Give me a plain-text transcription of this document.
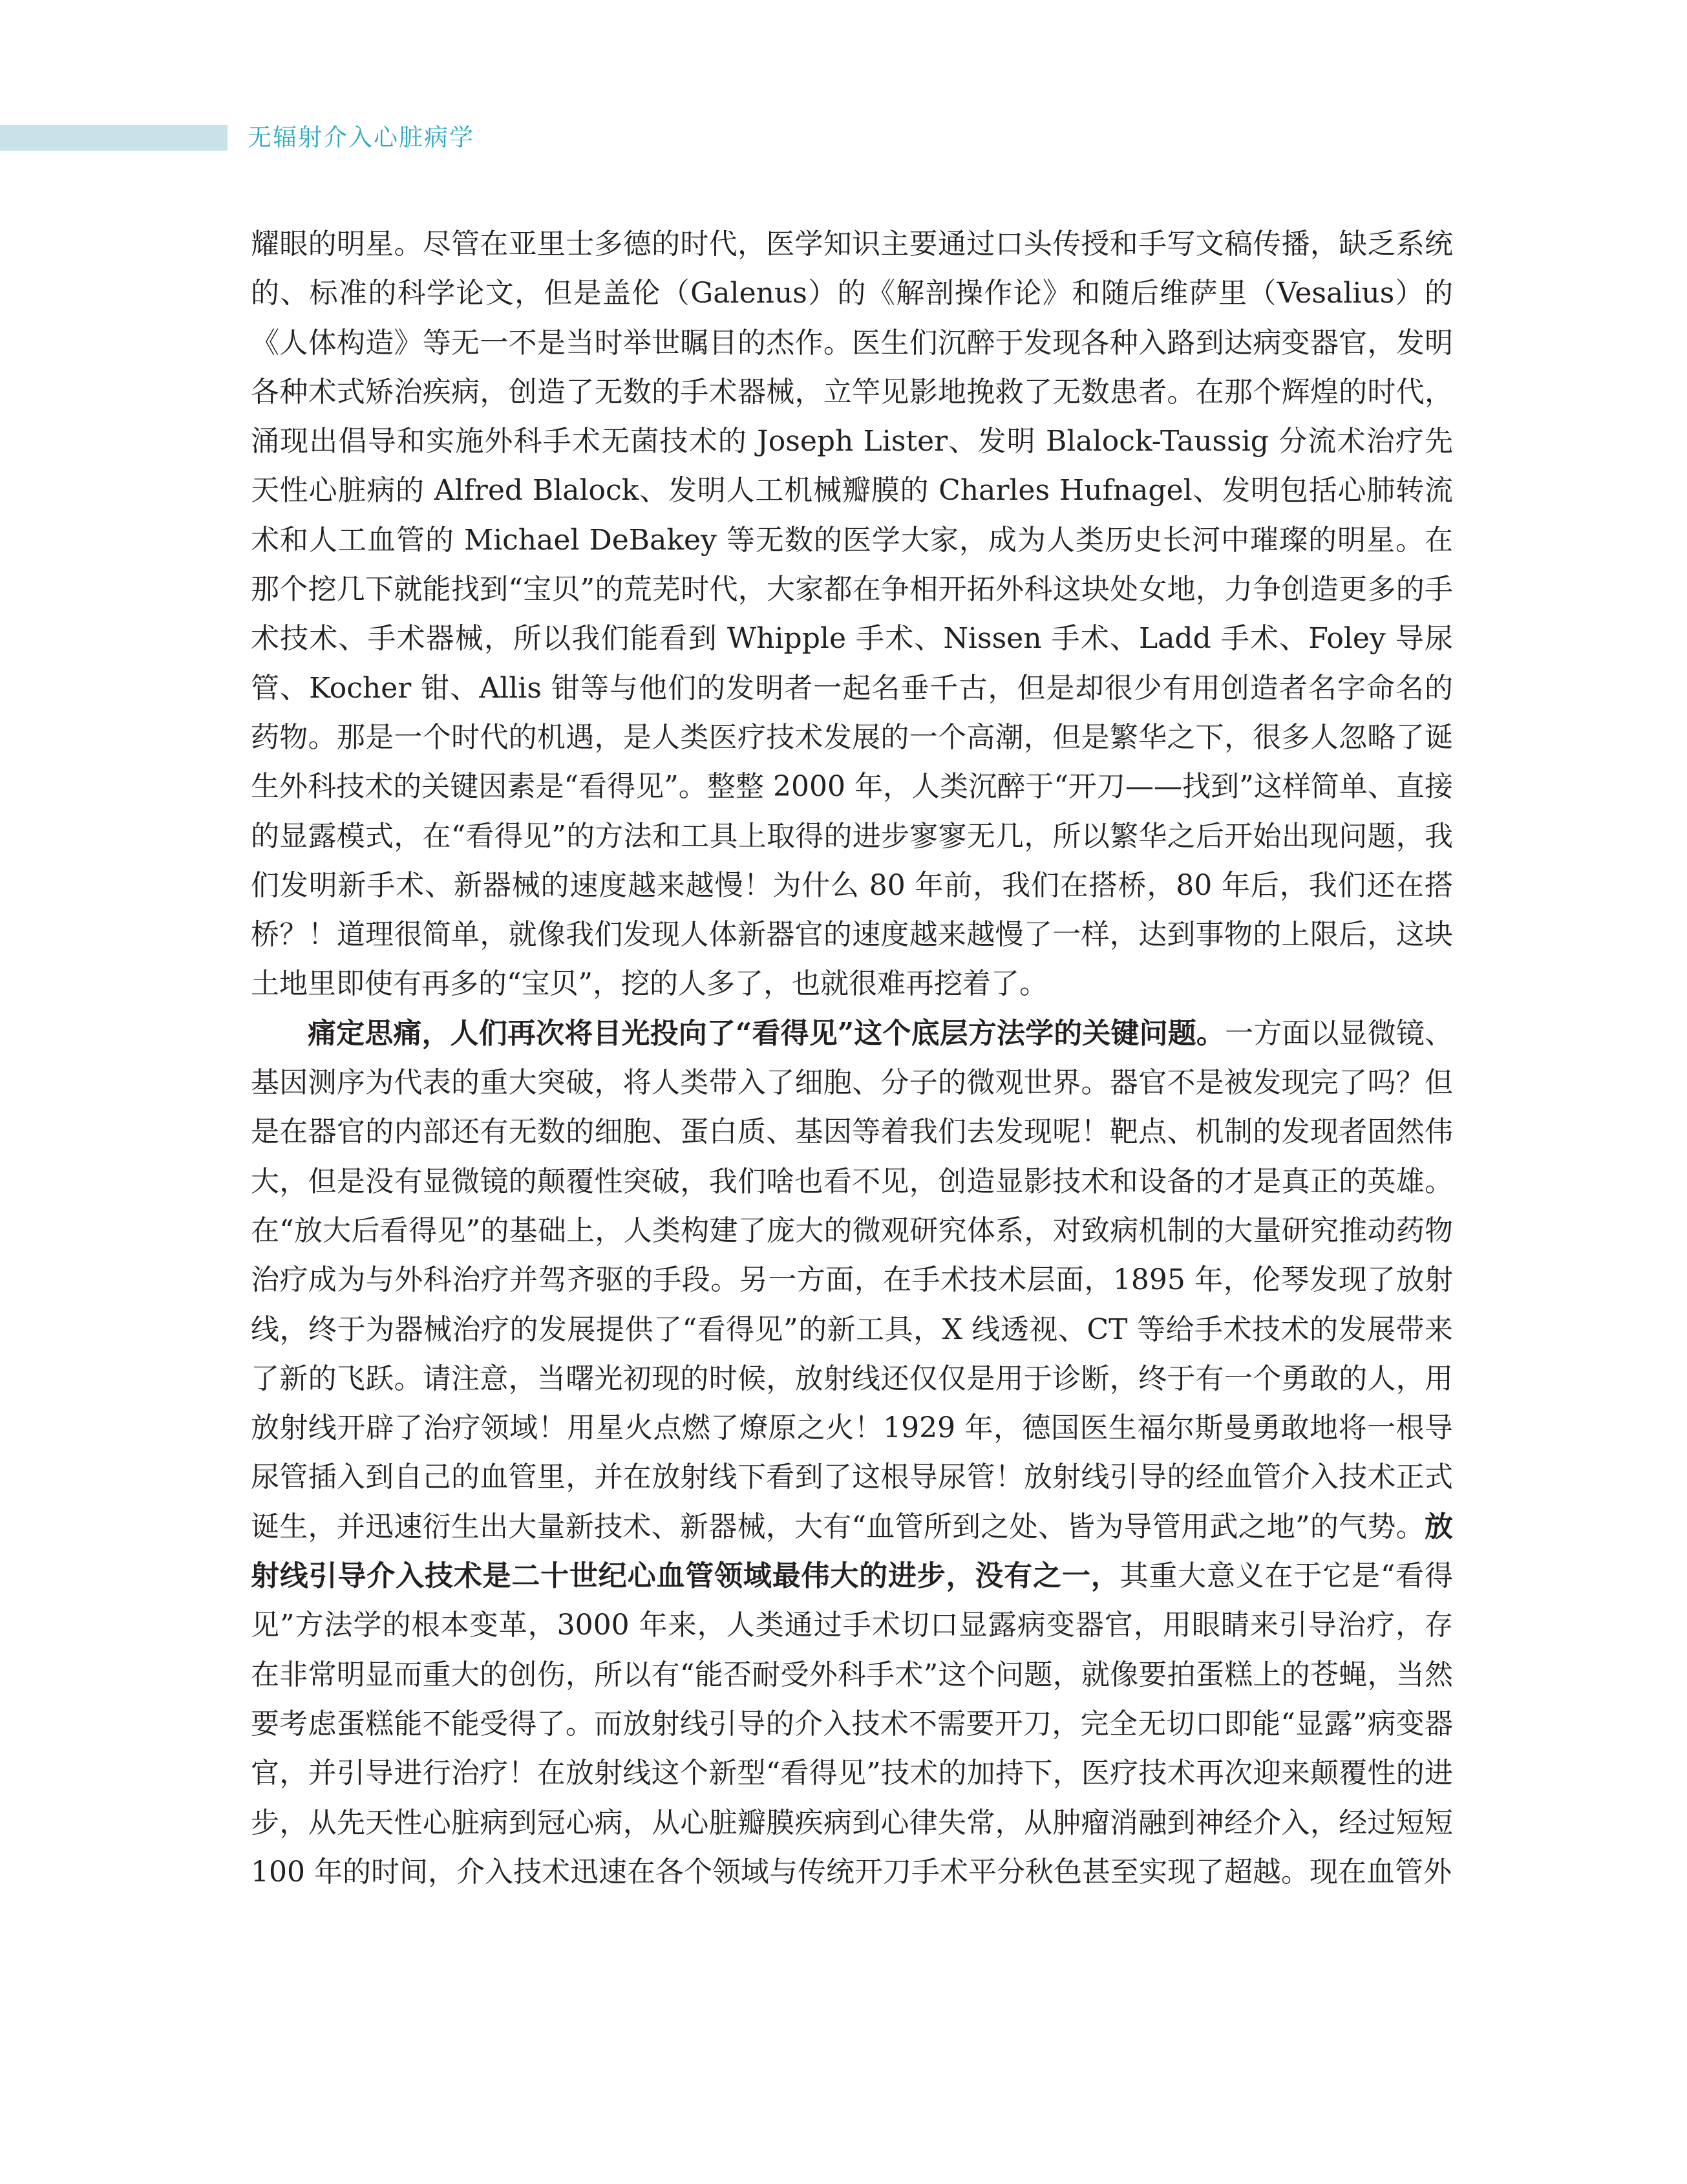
无辐射介入心脏病学

耀眼的明星。尽管在亚里士多德的时代，医学知识主要通过口头传授和手写文稿传播，缺乏系统的、标准的科学论文，但是盖伦（Galenus）的《解剖操作论》和随后维萨里（Vesalius）的《人体构造》等无一不是当时举世瞩目的杰作。医生们沉醉于发现各种入路到达病变器官，发明各种术式矫治疾病，创造了无数的手术器械，立竿见影地挽救了无数患者。在那个辉煌的时代，涌现出倡导和实施外科手术无菌技术的 Joseph Lister、发明 Blalock-Taussig 分流术治疗先天性心脏病的 Alfred Blalock、发明人工机械瓣膜的 Charles Hufnagel、发明包括心肺转流术和人工血管的 Michael DeBakey 等无数的医学大家，成为人类历史长河中璀璨的明星。在那个挖几下就能找到“宝贝”的荒芜时代，大家都在争相开拓外科这块处女地，力争创造更多的手术技术、手术器械，所以我们能看到 Whipple 手术、Nissen 手术、Ladd 手术、Foley 导尿管、Kocher 钳、Allis 钳等与他们的发明者一起名垂千古，但是却很少有用创造者名字命名的药物。那是一个时代的机遇，是人类医疗技术发展的一个高潮，但是繁华之下，很多人忽略了诞生外科技术的关键因素是“看得见”。整整 2000 年，人类沉醉于“开刀——找到”这样简单、直接的显露模式，在“看得见”的方法和工具上取得的进步寥寥无几，所以繁华之后开始出现问题，我们发明新手术、新器械的速度越来越慢！为什么 80 年前，我们在搭桥，80 年后，我们还在搭桥？！道理很简单，就像我们发现人体新器官的速度越来越慢了一样，达到事物的上限后，这块土地里即使有再多的“宝贝”，挖的人多了，也就很难再挖着了。

痛定思痛，人们再次将目光投向了“看得见”这个底层方法学的关键问题。一方面以显微镜、基因测序为代表的重大突破，将人类带入了细胞、分子的微观世界。器官不是被发现完了吗？但是在器官的内部还有无数的细胞、蛋白质、基因等着我们去发现呢！靶点、机制的发现者固然伟大，但是没有显微镜的颠覆性突破，我们啥也看不见，创造显影技术和设备的才是真正的英雄。在“放大后看得见”的基础上，人类构建了庞大的微观研究体系，对致病机制的大量研究推动药物治疗成为与外科治疗并驾齐驱的手段。另一方面，在手术技术层面，1895 年，伦琴发现了放射线，终于为器械治疗的发展提供了“看得见”的新工具，X 线透视、CT 等给手术技术的发展带来了新的飞跃。请注意，当曙光初现的时候，放射线还仅仅是用于诊断，终于有一个勇敢的人，用放射线开辟了治疗领域！用星火点燃了燎原之火！1929 年，德国医生福尔斯曼勇敢地将一根导尿管插入到自己的血管里，并在放射线下看到了这根导尿管！放射线引导的经血管介入技术正式诞生，并迅速衍生出大量新技术、新器械，大有“血管所到之处、皆为导管用武之地”的气势。放射线引导介入技术是二十世纪心血管领域最伟大的进步，没有之一，其重大意义在于它是“看得见”方法学的根本变革，3000 年来，人类通过手术切口显露病变器官，用眼睛来引导治疗，存在非常明显而重大的创伤，所以有“能否耐受外科手术”这个问题，就像要拍蛋糕上的苍蝇，当然要考虑蛋糕能不能受得了。而放射线引导的介入技术不需要开刀，完全无切口即能“显露”病变器官，并引导进行治疗！在放射线这个新型“看得见”技术的加持下，医疗技术再次迎来颠覆性的进步，从先天性心脏病到冠心病，从心脏瓣膜疾病到心律失常，从肿瘤消融到神经介入，经过短短 100 年的时间，介入技术迅速在各个领域与传统开刀手术平分秋色甚至实现了超越。现在血管外
